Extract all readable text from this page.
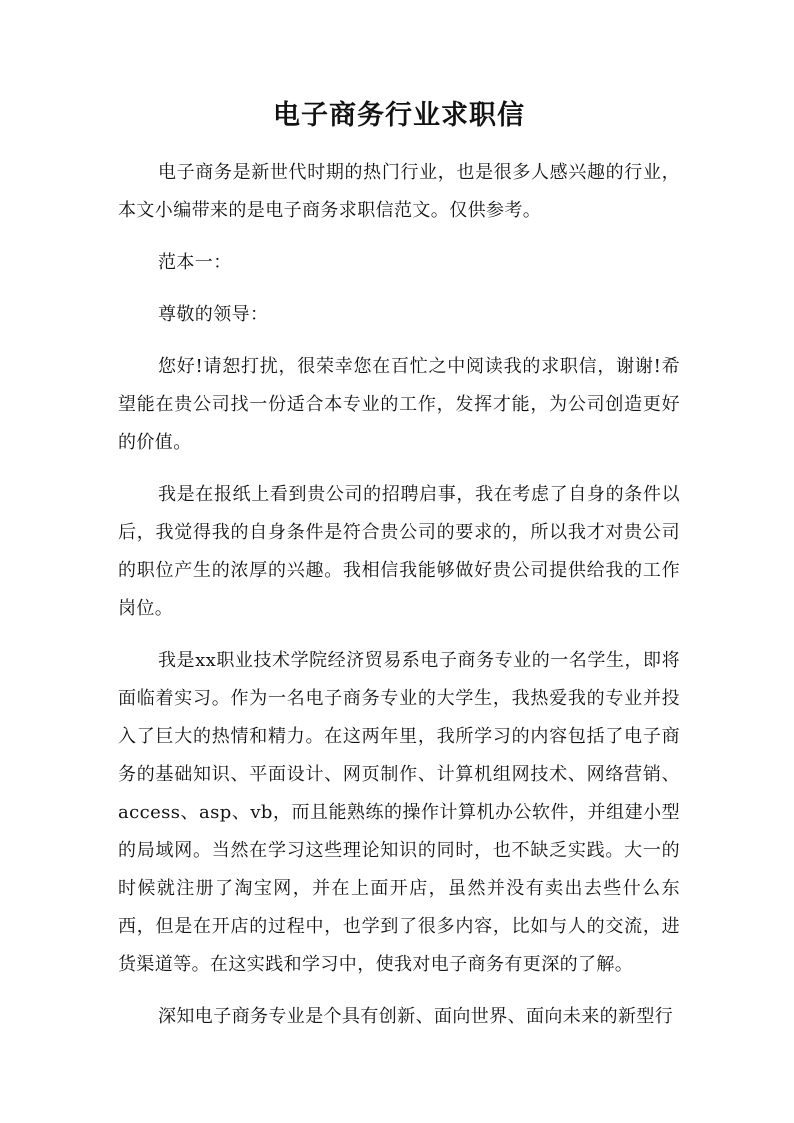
电子商务行业求职信

电子商务是新世代时期的热门行业，也是很多人感兴趣的行业，本文小编带来的是电子商务求职信范文。仅供参考。

范本一：

尊敬的领导：

您好!请恕打扰，很荣幸您在百忙之中阅读我的求职信，谢谢!希望能在贵公司找一份适合本专业的工作，发挥才能，为公司创造更好的价值。

我是在报纸上看到贵公司的招聘启事，我在考虑了自身的条件以后，我觉得我的自身条件是符合贵公司的要求的，所以我才对贵公司的职位产生的浓厚的兴趣。我相信我能够做好贵公司提供给我的工作岗位。

我是xx职业技术学院经济贸易系电子商务专业的一名学生，即将面临着实习。作为一名电子商务专业的大学生，我热爱我的专业并投入了巨大的热情和精力。在这两年里，我所学习的内容包括了电子商务的基础知识、平面设计、网页制作、计算机组网技术、网络营销、access、asp、vb，而且能熟练的操作计算机办公软件，并组建小型的局域网。当然在学习这些理论知识的同时，也不缺乏实践。大一的时候就注册了淘宝网，并在上面开店，虽然并没有卖出去些什么东西，但是在开店的过程中，也学到了很多内容，比如与人的交流，进货渠道等。在这实践和学习中，使我对电子商务有更深的了解。

深知电子商务专业是个具有创新、面向世界、面向未来的新型行
